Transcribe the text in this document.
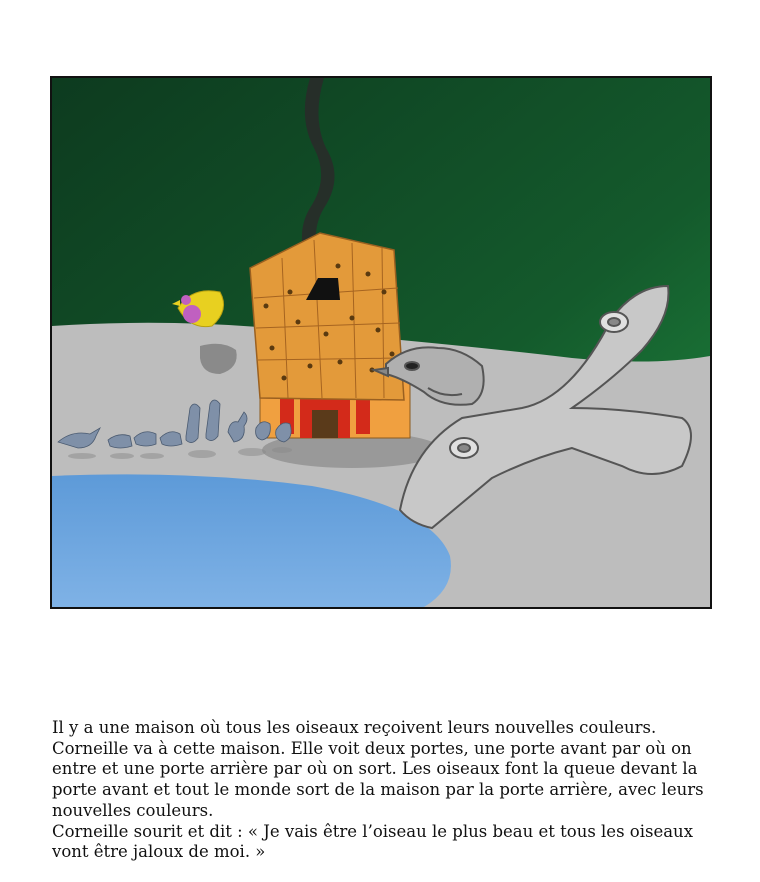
Il y a une maison où tous les oiseaux reçoivent leurs nouvelles couleurs. Corneille va à cette maison. Elle voit deux portes, une porte avant par où on entre et une porte arrière par où on sort. Les oiseaux font la queue devant la porte avant et tout le monde sort de la maison par la porte arrière, avec leurs nouvelles couleurs.

Corneille sourit et dit : « Je vais être l’oiseau le plus beau et tous les oiseaux vont être jaloux de moi. »
